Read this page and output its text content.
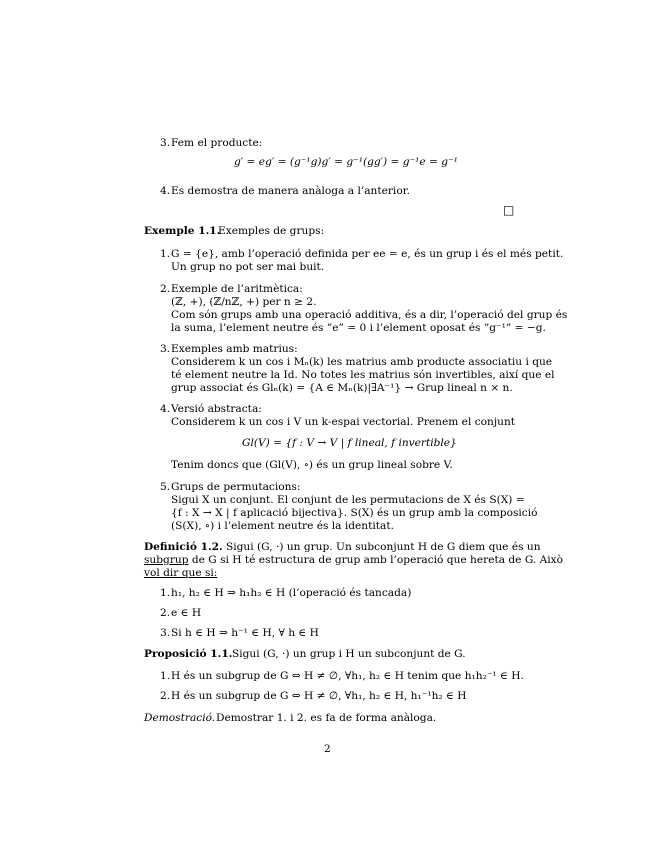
3. Fem el producte:
g′ = eg′ = (g⁻¹g)g′ = g⁻¹(gg′) = g⁻¹e = g⁻¹
4. Es demostra de manera anàloga a l’anterior.
□
Exemple 1.1.
Exemples de grups:
1. G = {e}, amb l’operació definida per ee = e, és un grup i és el més petit.
Un grup no pot ser mai buit.
2. Exemple de l’aritmètica:
(ℤ, +), (ℤ/nℤ, +) per n ≥ 2.
Com són grups amb una operació additiva, és a dir, l’operació del grup és
la suma, l’element neutre és ”e” = 0 i l’element oposat és ”g⁻¹” = −g.
3. Exemples amb matrius:
Considerem k un cos i Mₙ(k) les matrius amb producte associatiu i que
té element neutre la Id. No totes les matrius són invertibles, així que el
grup associat és Glₙ(k) = {A ∈ Mₙ(k)|∃A⁻¹} → Grup lineal n × n.
4. Versió abstracta:
Considerem k un cos i V un k-espai vectorial. Prenem el conjunt
Gl(V) = {f : V → V | f lineal, f invertible}
Tenim doncs que (Gl(V), ∘) és un grup lineal sobre V.
5. Grups de permutacions:
Sigui X un conjunt. El conjunt de les permutacions de X és S(X) =
{f : X → X | f aplicació bijectiva}. S(X) és un grup amb la composició
(S(X), ∘) i l’element neutre és la identitat.
Definició 1.2. Sigui (G, ·) un grup. Un subconjunt H de G diem que és un
subgrup de G si H té estructura de grup amb l’operació que hereta de G. Això
vol dir que si:
1. h₁, h₂ ∈ H ⇒ h₁h₂ ∈ H (l’operació és tancada)
2. e ∈ H
3. Si h ∈ H ⇒ h⁻¹ ∈ H, ∀ h ∈ H
Proposició 1.1. Sigui (G, ·) un grup i H un subconjunt de G.
1. H és un subgrup de G ⇔ H ≠ ∅, ∀h₁, h₂ ∈ H tenim que h₁h₂⁻¹ ∈ H.
2. H és un subgrup de G ⇔ H ≠ ∅, ∀h₁, h₂ ∈ H, h₁⁻¹h₂ ∈ H
Demostració. Demostrar 1. i 2. es fa de forma anàloga.
2
